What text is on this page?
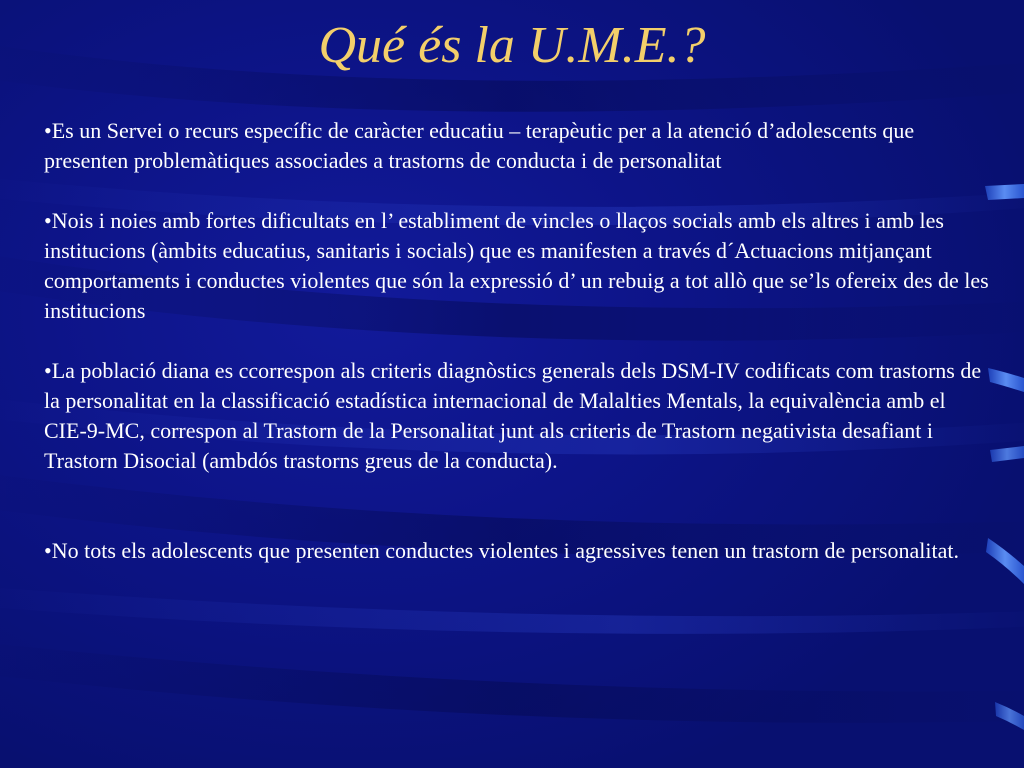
Qué és la U.M.E.?

•Es un Servei o recurs específic de caràcter educatiu – terapèutic per a la atenció d’adolescents que presenten problemàtiques associades a trastorns de conducta i de personalitat

•Nois i noies amb fortes dificultats en l’ establiment de vincles o llaços socials amb els altres i amb les institucions (àmbits educatius, sanitaris i socials) que es manifesten a través d´Actuacions mitjançant comportaments i conductes violentes que són la expressió d’ un rebuig a tot allò que se’ls ofereix des de les institucions

•La població diana es ccorrespon als criteris diagnòstics generals dels DSM-IV codificats com trastorns de la personalitat en la classificació estadística internacional de Malalties Mentals, la equivalència amb el CIE-9-MC, correspon al Trastorn de la Personalitat junt als criteris de Trastorn negativista desafiant i Trastorn Disocial (ambdós trastorns greus de la conducta).

•No tots els adolescents que presenten conductes violentes i agressives tenen un trastorn de personalitat.
